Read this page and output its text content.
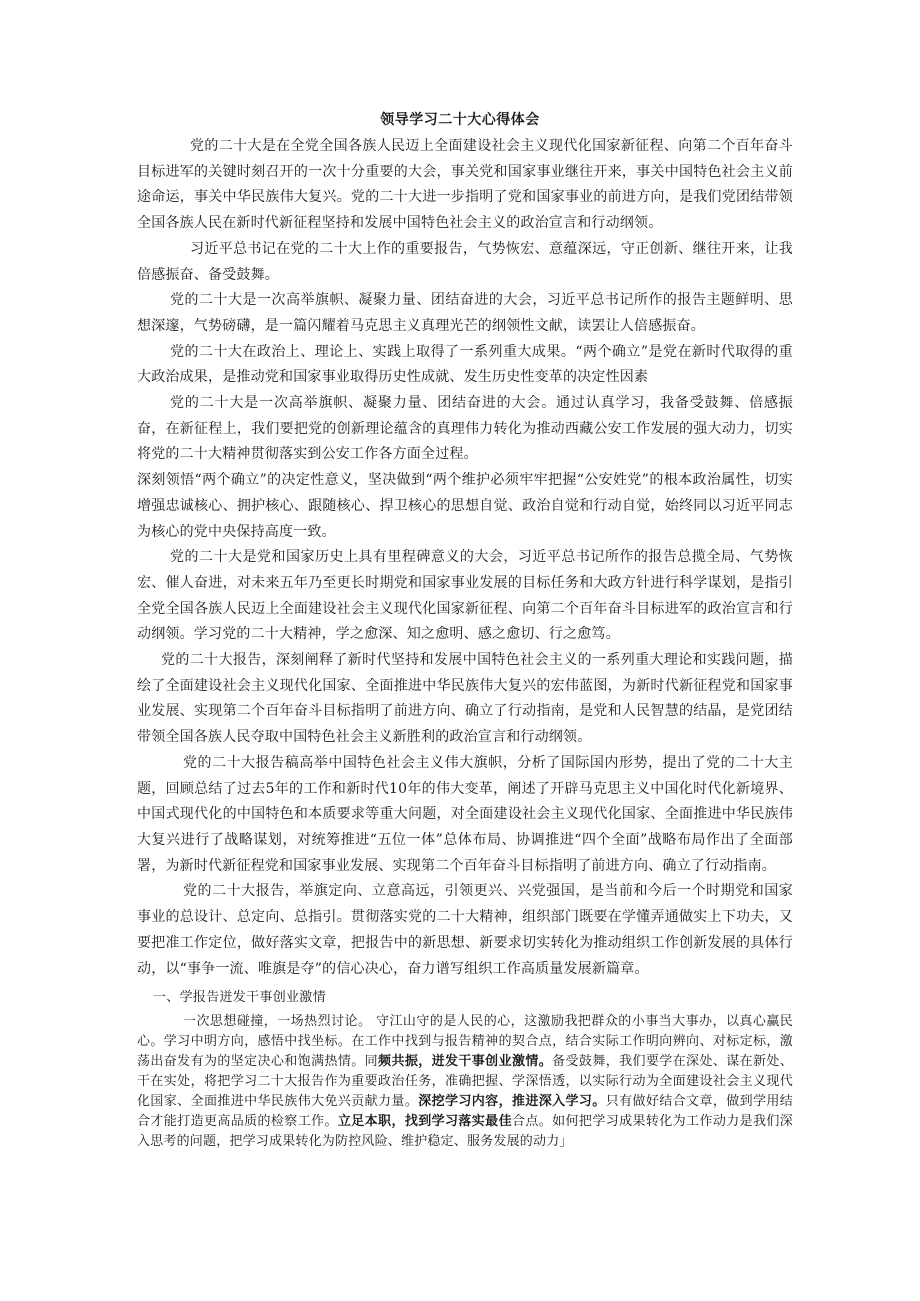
领导学习二十大心得体会

党的二十大是在全党全国各族人民迈上全面建设社会主义现代化国家新征程、向第二个百年奋斗目标进军的关键时刻召开的一次十分重要的大会，事关党和国家事业继往开来，事关中国特色社会主义前途命运，事关中华民族伟大复兴。党的二十大进一步指明了党和国家事业的前进方向，是我们党团结带领全国各族人民在新时代新征程坚持和发展中国特色社会主义的政治宣言和行动纲领。

习近平总书记在党的二十大上作的重要报告，气势恢宏、意蕴深远，守正创新、继往开来，让我倍感振奋、备受鼓舞。

党的二十大是一次高举旗帜、凝聚力量、团结奋进的大会，习近平总书记所作的报告主题鲜明、思想深邃，气势磅礴，是一篇闪耀着马克思主义真理光芒的纲领性文献，读罢让人倍感振奋。

党的二十大在政治上、理论上、实践上取得了一系列重大成果。“两个确立”是党在新时代取得的重大政治成果，是推动党和国家事业取得历史性成就、发生历史性变革的决定性因素

党的二十大是一次高举旗帜、凝聚力量、团结奋进的大会。通过认真学习，我备受鼓舞、倍感振奋，在新征程上，我们要把党的创新理论蕴含的真理伟力转化为推动西藏公安工作发展的强大动力，切实将党的二十大精神贯彻落实到公安工作各方面全过程。

深刻领悟“两个确立”的决定性意义，坚决做到“两个维护必须牢牢把握“公安姓党”的根本政治属性，切实增强忠诚核心、拥护核心、跟随核心、捍卫核心的思想自觉、政治自觉和行动自觉，始终同以习近平同志为核心的党中央保持高度一致。

党的二十大是党和国家历史上具有里程碑意义的大会，习近平总书记所作的报告总揽全局、气势恢宏、催人奋进，对未来五年乃至更长时期党和国家事业发展的目标任务和大政方针进行科学谋划，是指引全党全国各族人民迈上全面建设社会主义现代化国家新征程、向第二个百年奋斗目标进军的政治宣言和行动纲领。学习党的二十大精神，学之愈深、知之愈明、感之愈切、行之愈笃。

党的二十大报告，深刻阐释了新时代坚持和发展中国特色社会主义的一系列重大理论和实践问题，描绘了全面建设社会主义现代化国家、全面推进中华民族伟大复兴的宏伟蓝图，为新时代新征程党和国家事业发展、实现第二个百年奋斗目标指明了前进方向、确立了行动指南，是党和人民智慧的结晶，是党团结带领全国各族人民夺取中国特色社会主义新胜利的政治宣言和行动纲领。

党的二十大报告稿高举中国特色社会主义伟大旗帜，分析了国际国内形势，提出了党的二十大主题，回顾总结了过去5年的工作和新时代10年的伟大变革，阐述了开辟马克思主义中国化时代化新境界、中国式现代化的中国特色和本质要求等重大问题，对全面建设社会主义现代化国家、全面推进中华民族伟大复兴进行了战略谋划，对统筹推进“五位一体”总体布局、协调推进“四个全面”战略布局作出了全面部署，为新时代新征程党和国家事业发展、实现第二个百年奋斗目标指明了前进方向、确立了行动指南。

党的二十大报告，举旗定向、立意高远，引领更兴、兴党强国，是当前和今后一个时期党和国家事业的总设计、总定向、总指引。贯彻落实党的二十大精神，组织部门既要在学懂弄通做实上下功夫，又要把准工作定位，做好落实文章，把报告中的新思想、新要求切实转化为推动组织工作创新发展的具体行动，以“事争一流、唯旗是夺”的信心决心，奋力谱写组织工作高质量发展新篇章。

一、学报告迸发干事创业激情

一次思想碰撞，一场热烈讨论。 守江山守的是人民的心，这激励我把群众的小事当大事办，以真心赢民心。学习中明方向，感悟中找坐标。在工作中找到与报告精神的契合点，结合实际工作明向辨向、对标定标，激荡出奋发有为的坚定决心和饱满热情。同频共振，迸发干事创业激情。备受鼓舞，我们要学在深处、谋在新处、干在实处，将把学习二十大报告作为重要政治任务，准确把握、学深悟透，以实际行动为全面建设社会主义现代化国家、全面推进中华民族伟大免兴贡献力量。深挖学习内容，推进深入学习。只有做好结合文章，做到学用结合才能打造更高品质的检察工作。立足本职，找到学习落实最佳合点。如何把学习成果转化为工作动力是我们深入思考的问题，把学习成果转化为防控风险、维护稳定、服务发展的动力」
